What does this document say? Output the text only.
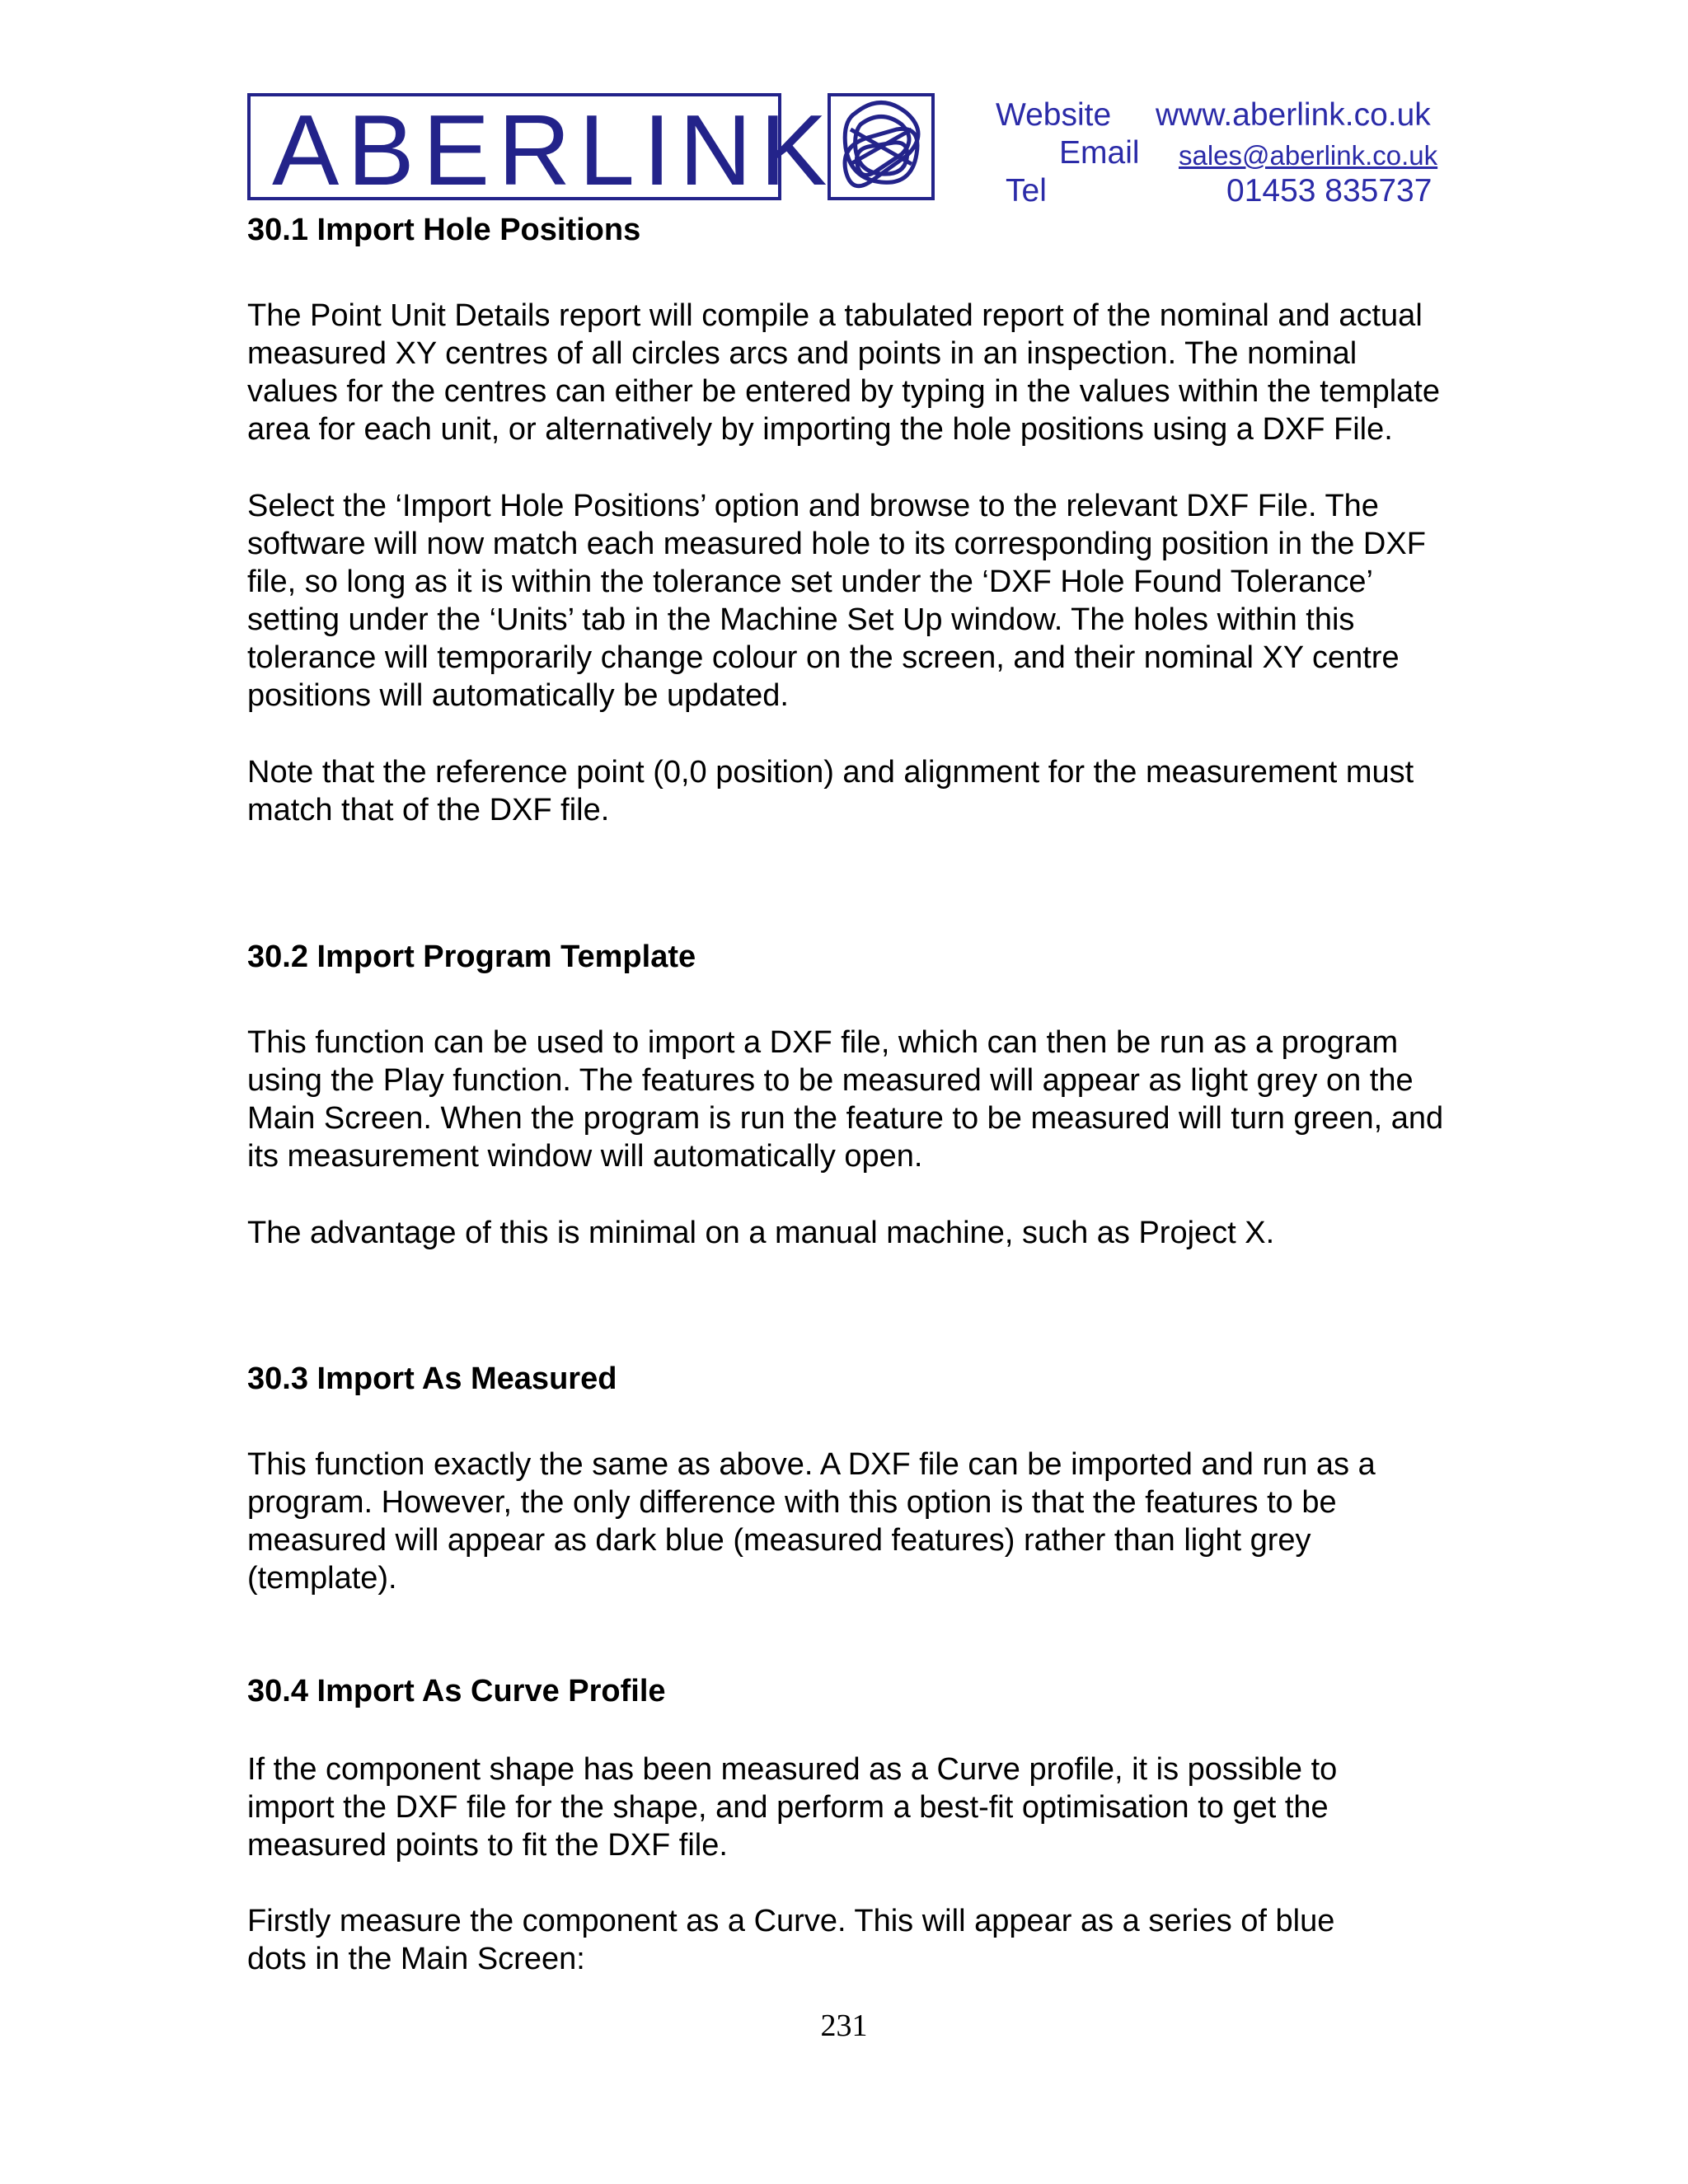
ABERLINK	Website www.aberlink.co.uk
Email sales@aberlink.co.uk
Tel	01453 835737
30.1 Import Hole Positions
The Point Unit Details report will compile a tabulated report of the nominal and actual
measured XY centres of all circles arcs and points in an inspection. The nominal
values for the centres can either be entered by typing in the values within the template
area for each unit, or alternatively by importing the hole positions using a DXF File.
Select the ‘Import Hole Positions’ option and browse to the relevant DXF File. The
software will now match each measured hole to its corresponding position in the DXF
file, so long as it is within the tolerance set under the ‘DXF Hole Found Tolerance’
setting under the ‘Units’ tab in the Machine Set Up window. The holes within this
tolerance will temporarily change colour on the screen, and their nominal XY centre
positions will automatically be updated.
Note that the reference point (0,0 position) and alignment for the measurement must
match that of the DXF file.
30.2 Import Program Template
This function can be used to import a DXF file, which can then be run as a program
using the Play function. The features to be measured will appear as light grey on the
Main Screen. When the program is run the feature to be measured will turn green, and
its measurement window will automatically open.
The advantage of this is minimal on a manual machine, such as Project X.
30.3 Import As Measured
This function exactly the same as above. A DXF file can be imported and run as a
program. However, the only difference with this option is that the features to be
measured will appear as dark blue (measured features) rather than light grey
(template).
30.4 Import As Curve Profile
If the component shape has been measured as a Curve profile, it is possible to
import the DXF file for the shape, and perform a best-fit optimisation to get the
measured points to fit the DXF file.
Firstly measure the component as a Curve. This will appear as a series of blue
dots in the Main Screen:
231
